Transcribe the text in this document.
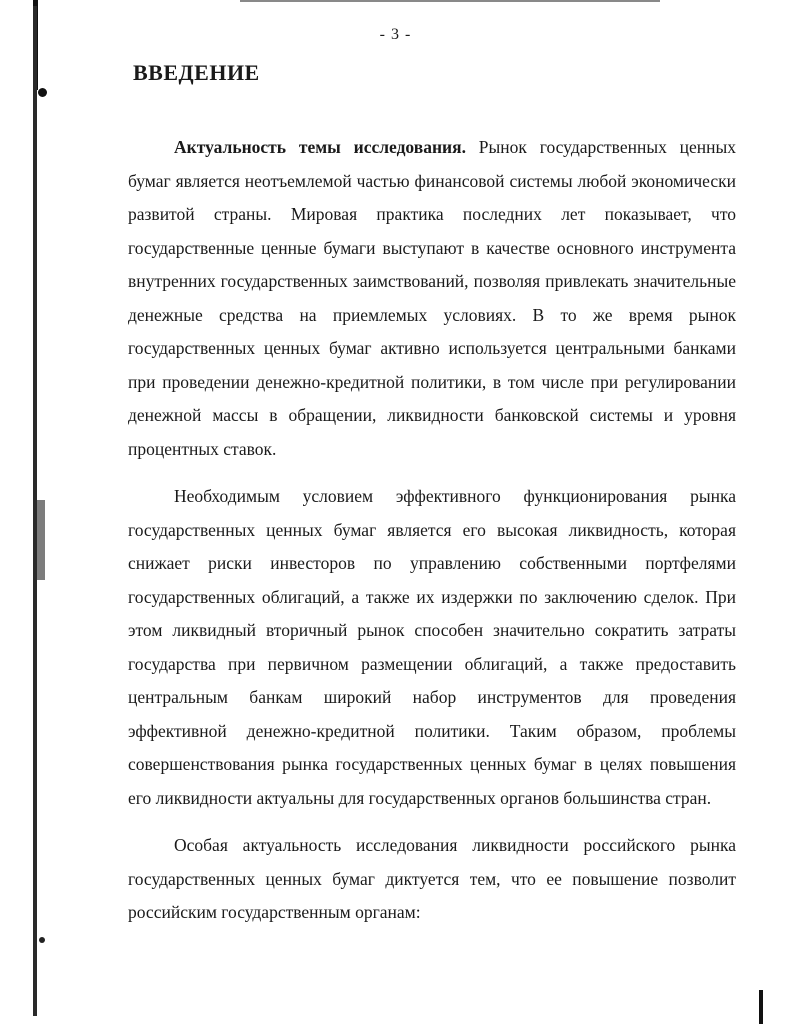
- 3 -
ВВЕДЕНИЕ

Актуальность темы исследования. Рынок государственных ценных бумаг является неотъемлемой частью финансовой системы любой экономически развитой страны. Мировая практика последних лет показывает, что государственные ценные бумаги выступают в качестве основного инструмента внутренних государственных заимствований, позволяя привлекать значительные денежные средства на приемлемых условиях. В то же время рынок государственных ценных бумаг активно используется центральными банками при проведении денежно-кредитной политики, в том числе при регулировании денежной массы в обращении, ликвидности банковской системы и уровня процентных ставок.

Необходимым условием эффективного функционирования рынка государственных ценных бумаг является его высокая ликвидность, которая снижает риски инвесторов по управлению собственными портфелями государственных облигаций, а также их издержки по заключению сделок. При этом ликвидный вторичный рынок способен значительно сократить затраты государства при первичном размещении облигаций, а также предоставить центральным банкам широкий набор инструментов для проведения эффективной денежно-кредитной политики. Таким образом, проблемы совершенствования рынка государственных ценных бумаг в целях повышения его ликвидности актуальны для государственных органов большинства стран.

Особая актуальность исследования ликвидности российского рынка государственных ценных бумаг диктуется тем, что ее повышение позволит российским государственным органам:
